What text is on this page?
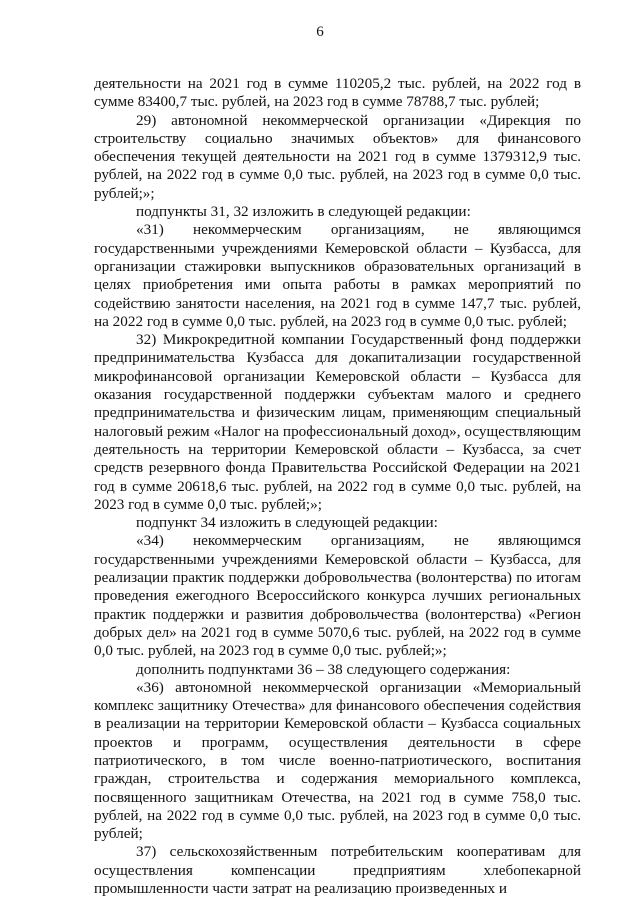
6

деятельности на 2021 год в сумме 110205,2 тыс. рублей, на 2022 год в сумме 83400,7 тыс. рублей, на 2023 год в сумме 78788,7 тыс. рублей;

29) автономной некоммерческой организации «Дирекция по строительству социально значимых объектов» для финансового обеспечения текущей деятельности на 2021 год в сумме 1379312,9 тыс. рублей, на 2022 год в сумме 0,0 тыс. рублей, на 2023 год в сумме 0,0 тыс. рублей;»;

подпункты 31, 32 изложить в следующей редакции:

«31) некоммерческим организациям, не являющимся государственными учреждениями Кемеровской области – Кузбасса, для организации стажировки выпускников образовательных организаций в целях приобретения ими опыта работы в рамках мероприятий по содействию занятости населения, на 2021 год в сумме 147,7 тыс. рублей, на 2022 год в сумме 0,0 тыс. рублей, на 2023 год в сумме 0,0 тыс. рублей;

32) Микрокредитной компании Государственный фонд поддержки предпринимательства Кузбасса для докапитализации государственной микрофинансовой организации Кемеровской области – Кузбасса для оказания государственной поддержки субъектам малого и среднего предпринимательства и физическим лицам, применяющим специальный налоговый режим «Налог на профессиональный доход», осуществляющим деятельность на территории Кемеровской области – Кузбасса, за счет средств резервного фонда Правительства Российской Федерации на 2021 год в сумме 20618,6 тыс. рублей, на 2022 год в сумме 0,0 тыс. рублей, на 2023 год в сумме 0,0 тыс. рублей;»;

подпункт 34 изложить в следующей редакции:

«34) некоммерческим организациям, не являющимся государственными учреждениями Кемеровской области – Кузбасса, для реализации практик поддержки добровольчества (волонтерства) по итогам проведения ежегодного Всероссийского конкурса лучших региональных практик поддержки и развития добровольчества (волонтерства) «Регион добрых дел» на 2021 год в сумме 5070,6 тыс. рублей, на 2022 год в сумме 0,0 тыс. рублей, на 2023 год в сумме 0,0 тыс. рублей;»;

дополнить подпунктами 36 – 38 следующего содержания:

«36) автономной некоммерческой организации «Мемориальный комплекс защитнику Отечества» для финансового обеспечения содействия в реализации на территории Кемеровской области – Кузбасса социальных проектов и программ, осуществления деятельности в сфере патриотического, в том числе военно-патриотического, воспитания граждан, строительства и содержания мемориального комплекса, посвященного защитникам Отечества, на 2021 год в сумме 758,0 тыс. рублей, на 2022 год в сумме 0,0 тыс. рублей, на 2023 год в сумме 0,0 тыс. рублей;

37) сельскохозяйственным потребительским кооперативам для осуществления компенсации предприятиям хлебопекарной промышленности части затрат на реализацию произведенных и
